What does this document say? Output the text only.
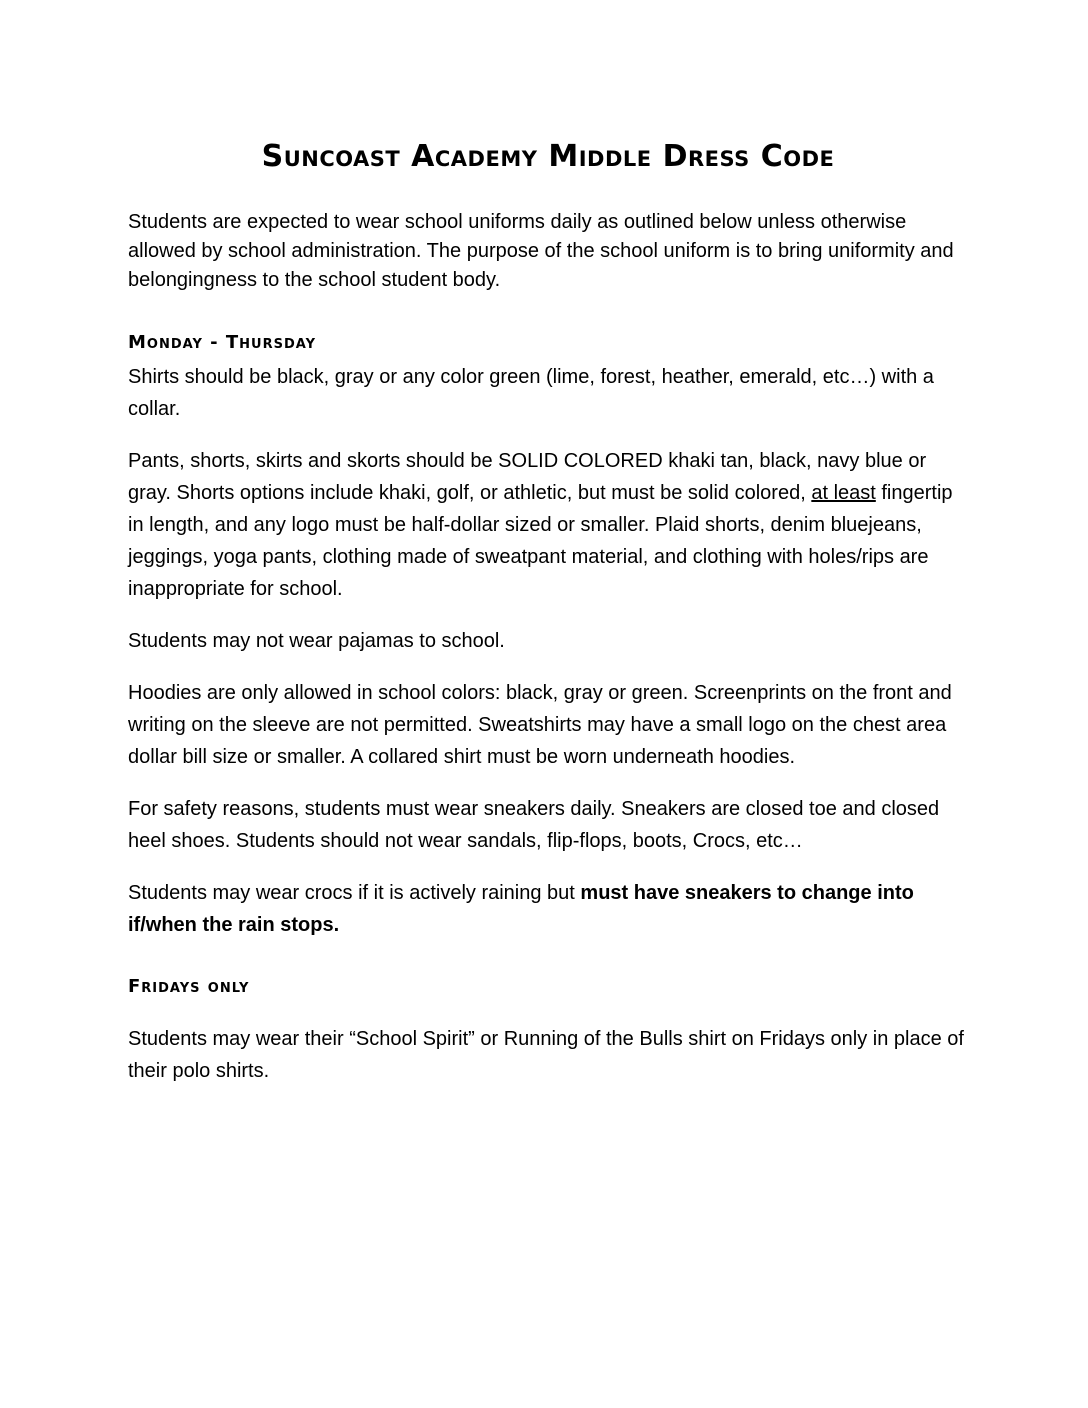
Suncoast Academy Middle Dress Code

Students are expected to wear school uniforms daily as outlined below unless otherwise allowed by school administration. The purpose of the school uniform is to bring uniformity and belongingness to the school student body.

Monday - Thursday

Shirts should be black, gray or any color green (lime, forest, heather, emerald, etc…) with a collar.

Pants, shorts, skirts and skorts should be SOLID COLORED khaki tan, black, navy blue or gray. Shorts options include khaki, golf, or athletic, but must be solid colored, at least fingertip in length, and any logo must be half-dollar sized or smaller. Plaid shorts, denim bluejeans, jeggings, yoga pants, clothing made of sweatpant material, and clothing with holes/rips are inappropriate for school.

Students may not wear pajamas to school.

Hoodies are only allowed in school colors: black, gray or green. Screenprints on the front and writing on the sleeve are not permitted. Sweatshirts may have a small logo on the chest area dollar bill size or smaller. A collared shirt must be worn underneath hoodies.

For safety reasons, students must wear sneakers daily. Sneakers are closed toe and closed heel shoes. Students should not wear sandals, flip-flops, boots, Crocs, etc…

Students may wear crocs if it is actively raining but must have sneakers to change into if/when the rain stops.

Fridays only

Students may wear their “School Spirit” or Running of the Bulls shirt on Fridays only in place of their polo shirts.
